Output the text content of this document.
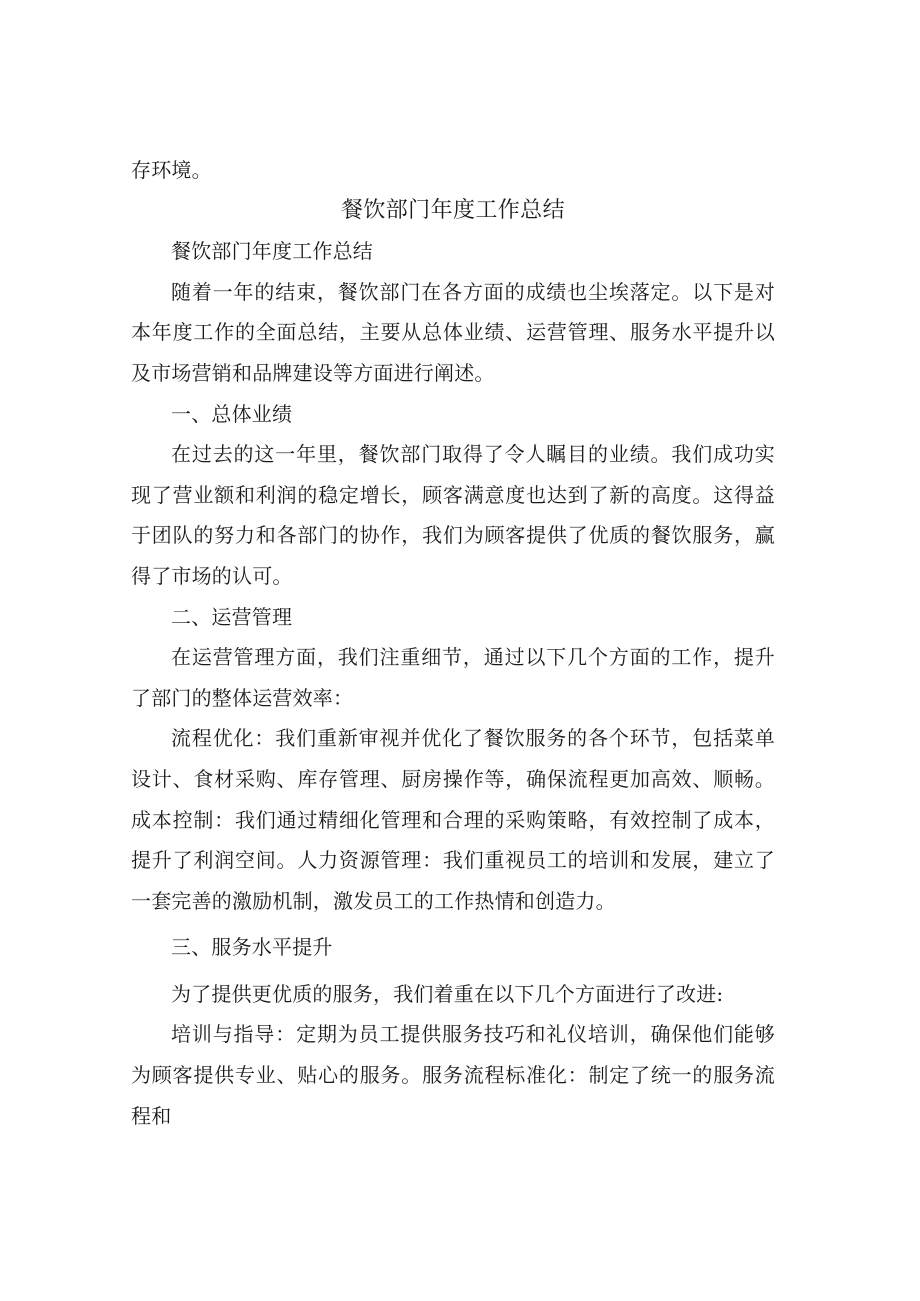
存环境。

餐饮部门年度工作总结

餐饮部门年度工作总结

随着一年的结束，餐饮部门在各方面的成绩也尘埃落定。以下是对本年度工作的全面总结，主要从总体业绩、运营管理、服务水平提升以及市场营销和品牌建设等方面进行阐述。

一、总体业绩

在过去的这一年里，餐饮部门取得了令人瞩目的业绩。我们成功实现了营业额和利润的稳定增长，顾客满意度也达到了新的高度。这得益于团队的努力和各部门的协作，我们为顾客提供了优质的餐饮服务，赢得了市场的认可。

二、运营管理

在运营管理方面，我们注重细节，通过以下几个方面的工作，提升了部门的整体运营效率：

流程优化：我们重新审视并优化了餐饮服务的各个环节，包括菜单设计、食材采购、库存管理、厨房操作等，确保流程更加高效、顺畅。成本控制：我们通过精细化管理和合理的采购策略，有效控制了成本，提升了利润空间。人力资源管理：我们重视员工的培训和发展，建立了一套完善的激励机制，激发员工的工作热情和创造力。

三、服务水平提升

为了提供更优质的服务，我们着重在以下几个方面进行了改进:

培训与指导：定期为员工提供服务技巧和礼仪培训，确保他们能够为顾客提供专业、贴心的服务。服务流程标准化：制定了统一的服务流程和
